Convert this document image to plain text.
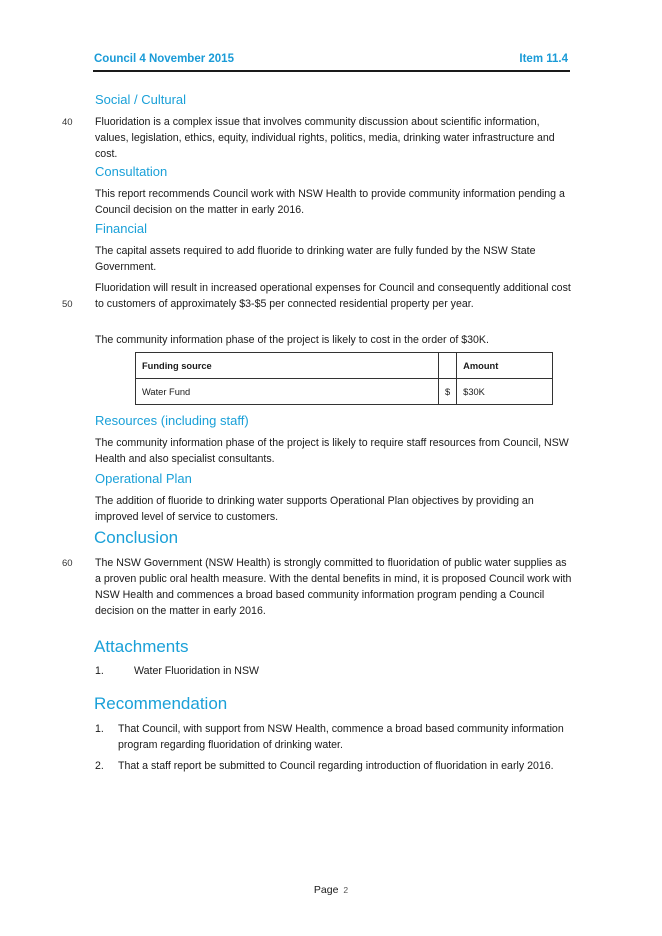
Council 4 November 2015	Item 11.4
Social / Cultural
40 Fluoridation is a complex issue that involves community discussion about scientific information, values, legislation, ethics, equity, individual rights, politics, media, drinking water infrastructure and cost.
Consultation
This report recommends Council work with NSW Health to provide community information pending a Council decision on the matter in early 2016.
Financial
The capital assets required to add fluoride to drinking water are fully funded by the NSW State Government.
50
Fluoridation will result in increased operational expenses for Council and consequently additional cost to customers of approximately $3-$5 per connected residential property per year.
The community information phase of the project is likely to cost in the order of $30K.
Funding source		Amount
Water Fund	$	$30K
Resources (including staff)
The community information phase of the project is likely to require staff resources from Council, NSW Health and also specialist consultants.
Operational Plan
The addition of fluoride to drinking water supports Operational Plan objectives by providing an improved level of service to customers.
Conclusion
60 The NSW Government (NSW Health) is strongly committed to fluoridation of public water supplies as a proven public oral health measure. With the dental benefits in mind, it is proposed Council work with NSW Health and commences a broad based community information program pending a Council decision on the matter in early 2016.
Attachments
1.	Water Fluoridation in NSW
Recommendation
1. That Council, with support from NSW Health, commence a broad based community information program regarding fluoridation of drinking water.
2. That a staff report be submitted to Council regarding introduction of fluoridation in early 2016.
Page 2
